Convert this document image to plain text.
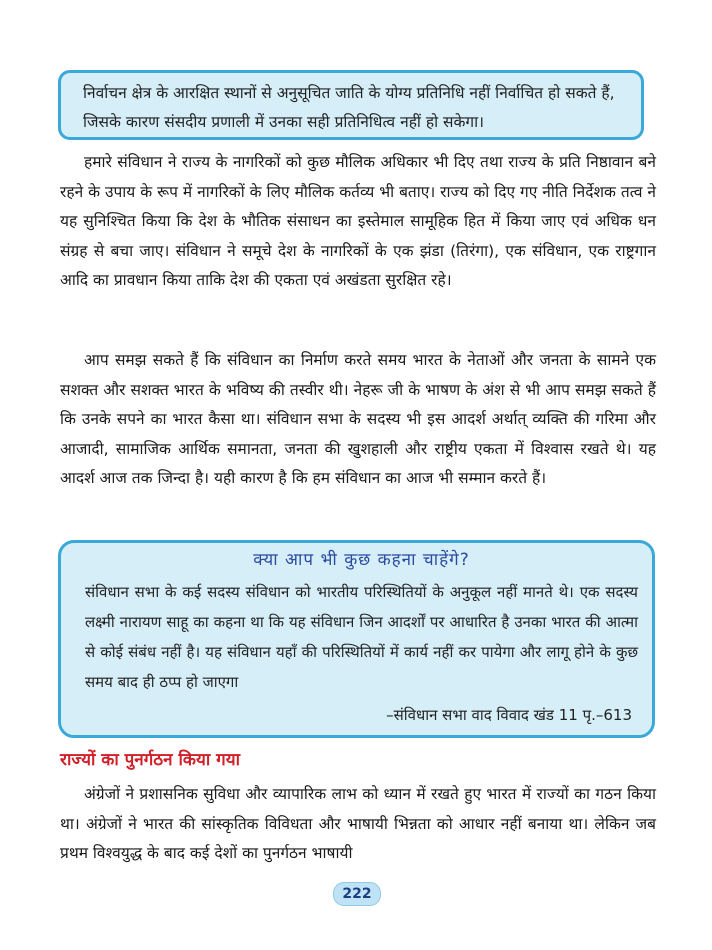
निर्वाचन क्षेत्र के आरक्षित स्थानों से अनुसूचित जाति के योग्य प्रतिनिधि नहीं निर्वाचित हो सकते हैं, जिसके कारण संसदीय प्रणाली में उनका सही प्रतिनिधित्व नहीं हो सकेगा।

हमारे संविधान ने राज्य के नागरिकों को कुछ मौलिक अधिकार भी दिए तथा राज्य के प्रति निष्ठावान बने रहने के उपाय के रूप में नागरिकों के लिए मौलिक कर्तव्य भी बताए। राज्य को दिए गए नीति निर्देशक तत्व ने यह सुनिश्चित किया कि देश के भौतिक संसाधन का इस्तेमाल सामूहिक हित में किया जाए एवं अधिक धन संग्रह से बचा जाए। संविधान ने समूचे देश के नागरिकों के एक झंडा (तिरंगा), एक संविधान, एक राष्ट्रगान आदि का प्रावधान किया ताकि देश की एकता एवं अखंडता सुरक्षित रहे।

आप समझ सकते हैं कि संविधान का निर्माण करते समय भारत के नेताओं और जनता के सामने एक सशक्त और सशक्त भारत के भविष्य की तस्वीर थी। नेहरू जी के भाषण के अंश से भी आप समझ सकते हैं कि उनके सपने का भारत कैसा था। संविधान सभा के सदस्य भी इस आदर्श अर्थात् व्यक्ति की गरिमा और आजादी, सामाजिक आर्थिक समानता, जनता की खुशहाली और राष्ट्रीय एकता में विश्वास रखते थे। यह आदर्श आज तक जिन्दा है। यही कारण है कि हम संविधान का आज भी सम्मान करते हैं।

क्या आप भी कुछ कहना चाहेंगे?

संविधान सभा के कई सदस्य संविधान को भारतीय परिस्थितियों के अनुकूल नहीं मानते थे। एक सदस्य लक्ष्मी नारायण साहू का कहना था कि यह संविधान जिन आदर्शों पर आधारित है उनका भारत की आत्मा से कोई संबंध नहीं है। यह संविधान यहाँ की परिस्थितियों में कार्य नहीं कर पायेगा और लागू होने के कुछ समय बाद ही ठप्प हो जाएगा

–संविधान सभा वाद विवाद खंड 11 पृ.–613

राज्यों का पुनर्गठन किया गया

अंग्रेजों ने प्रशासनिक सुविधा और व्यापारिक लाभ को ध्यान में रखते हुए भारत में राज्यों का गठन किया था। अंग्रेजों ने भारत की सांस्कृतिक विविधता और भाषायी भिन्नता को आधार नहीं बनाया था। लेकिन जब प्रथम विश्वयुद्ध के बाद कई देशों का पुनर्गठन भाषायी

222
